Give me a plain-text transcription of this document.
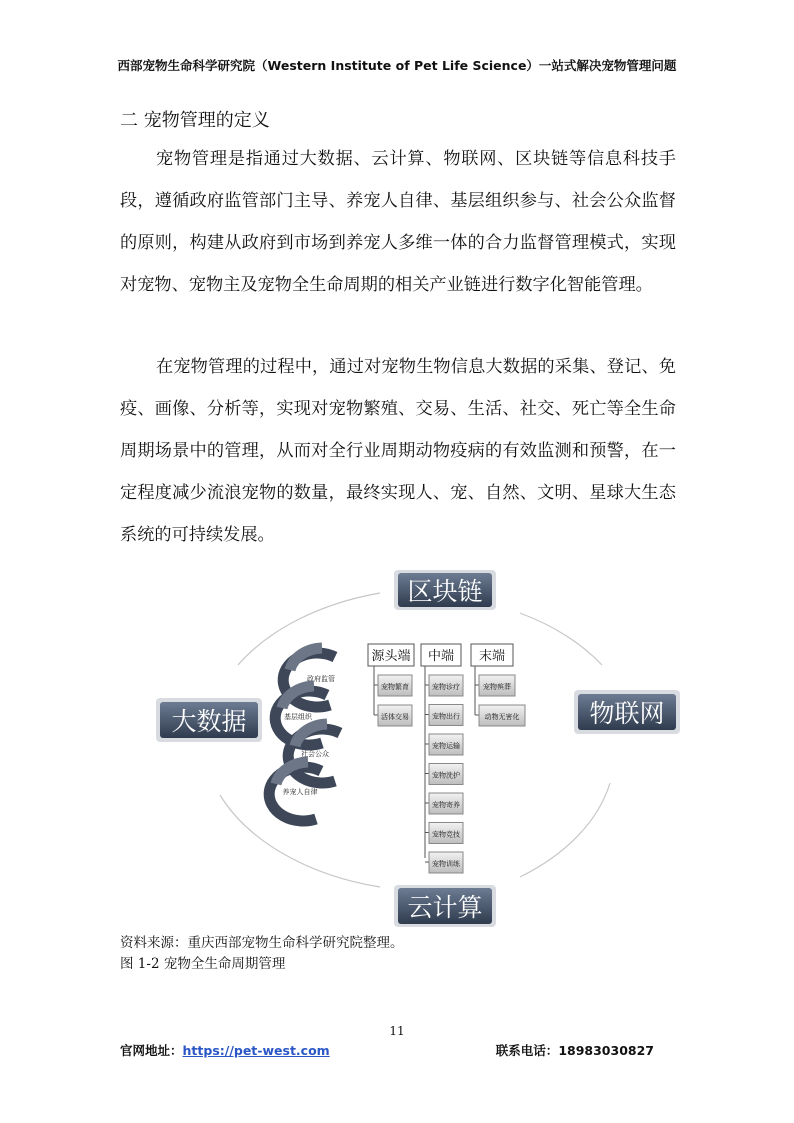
西部宠物生命科学研究院（Western Institute of Pet Life Science）一站式解决宠物管理问题
二 宠物管理的定义

宠物管理是指通过大数据、云计算、物联网、区块链等信息科技手段，遵循政府监管部门主导、养宠人自律、基层组织参与、社会公众监督的原则，构建从政府到市场到养宠人多维一体的合力监督管理模式，实现对宠物、宠物主及宠物全生命周期的相关产业链进行数字化智能管理。

在宠物管理的过程中，通过对宠物生物信息大数据的采集、登记、免疫、画像、分析等，实现对宠物繁殖、交易、生活、社交、死亡等全生命周期场景中的管理，从而对全行业周期动物疫病的有效监测和预警，在一定程度减少流浪宠物的数量，最终实现人、宠、自然、文明、星球大生态系统的可持续发展。

区块链
大数据	物联网
云计算
政府监管
基层组织
社会公众
养宠人自律
源头端
宠物繁育
活体交易
中端
宠物诊疗
宠物出行
宠物运输
宠物洗护
宠物寄养
宠物竞技
宠物训练
末端
宠物殡葬
动物无害化
资料来源：重庆西部宠物生命科学研究院整理。
图 1-2 宠物全生命周期管理
11
官网地址：https://pet-west.com	联系电话：18983030827
